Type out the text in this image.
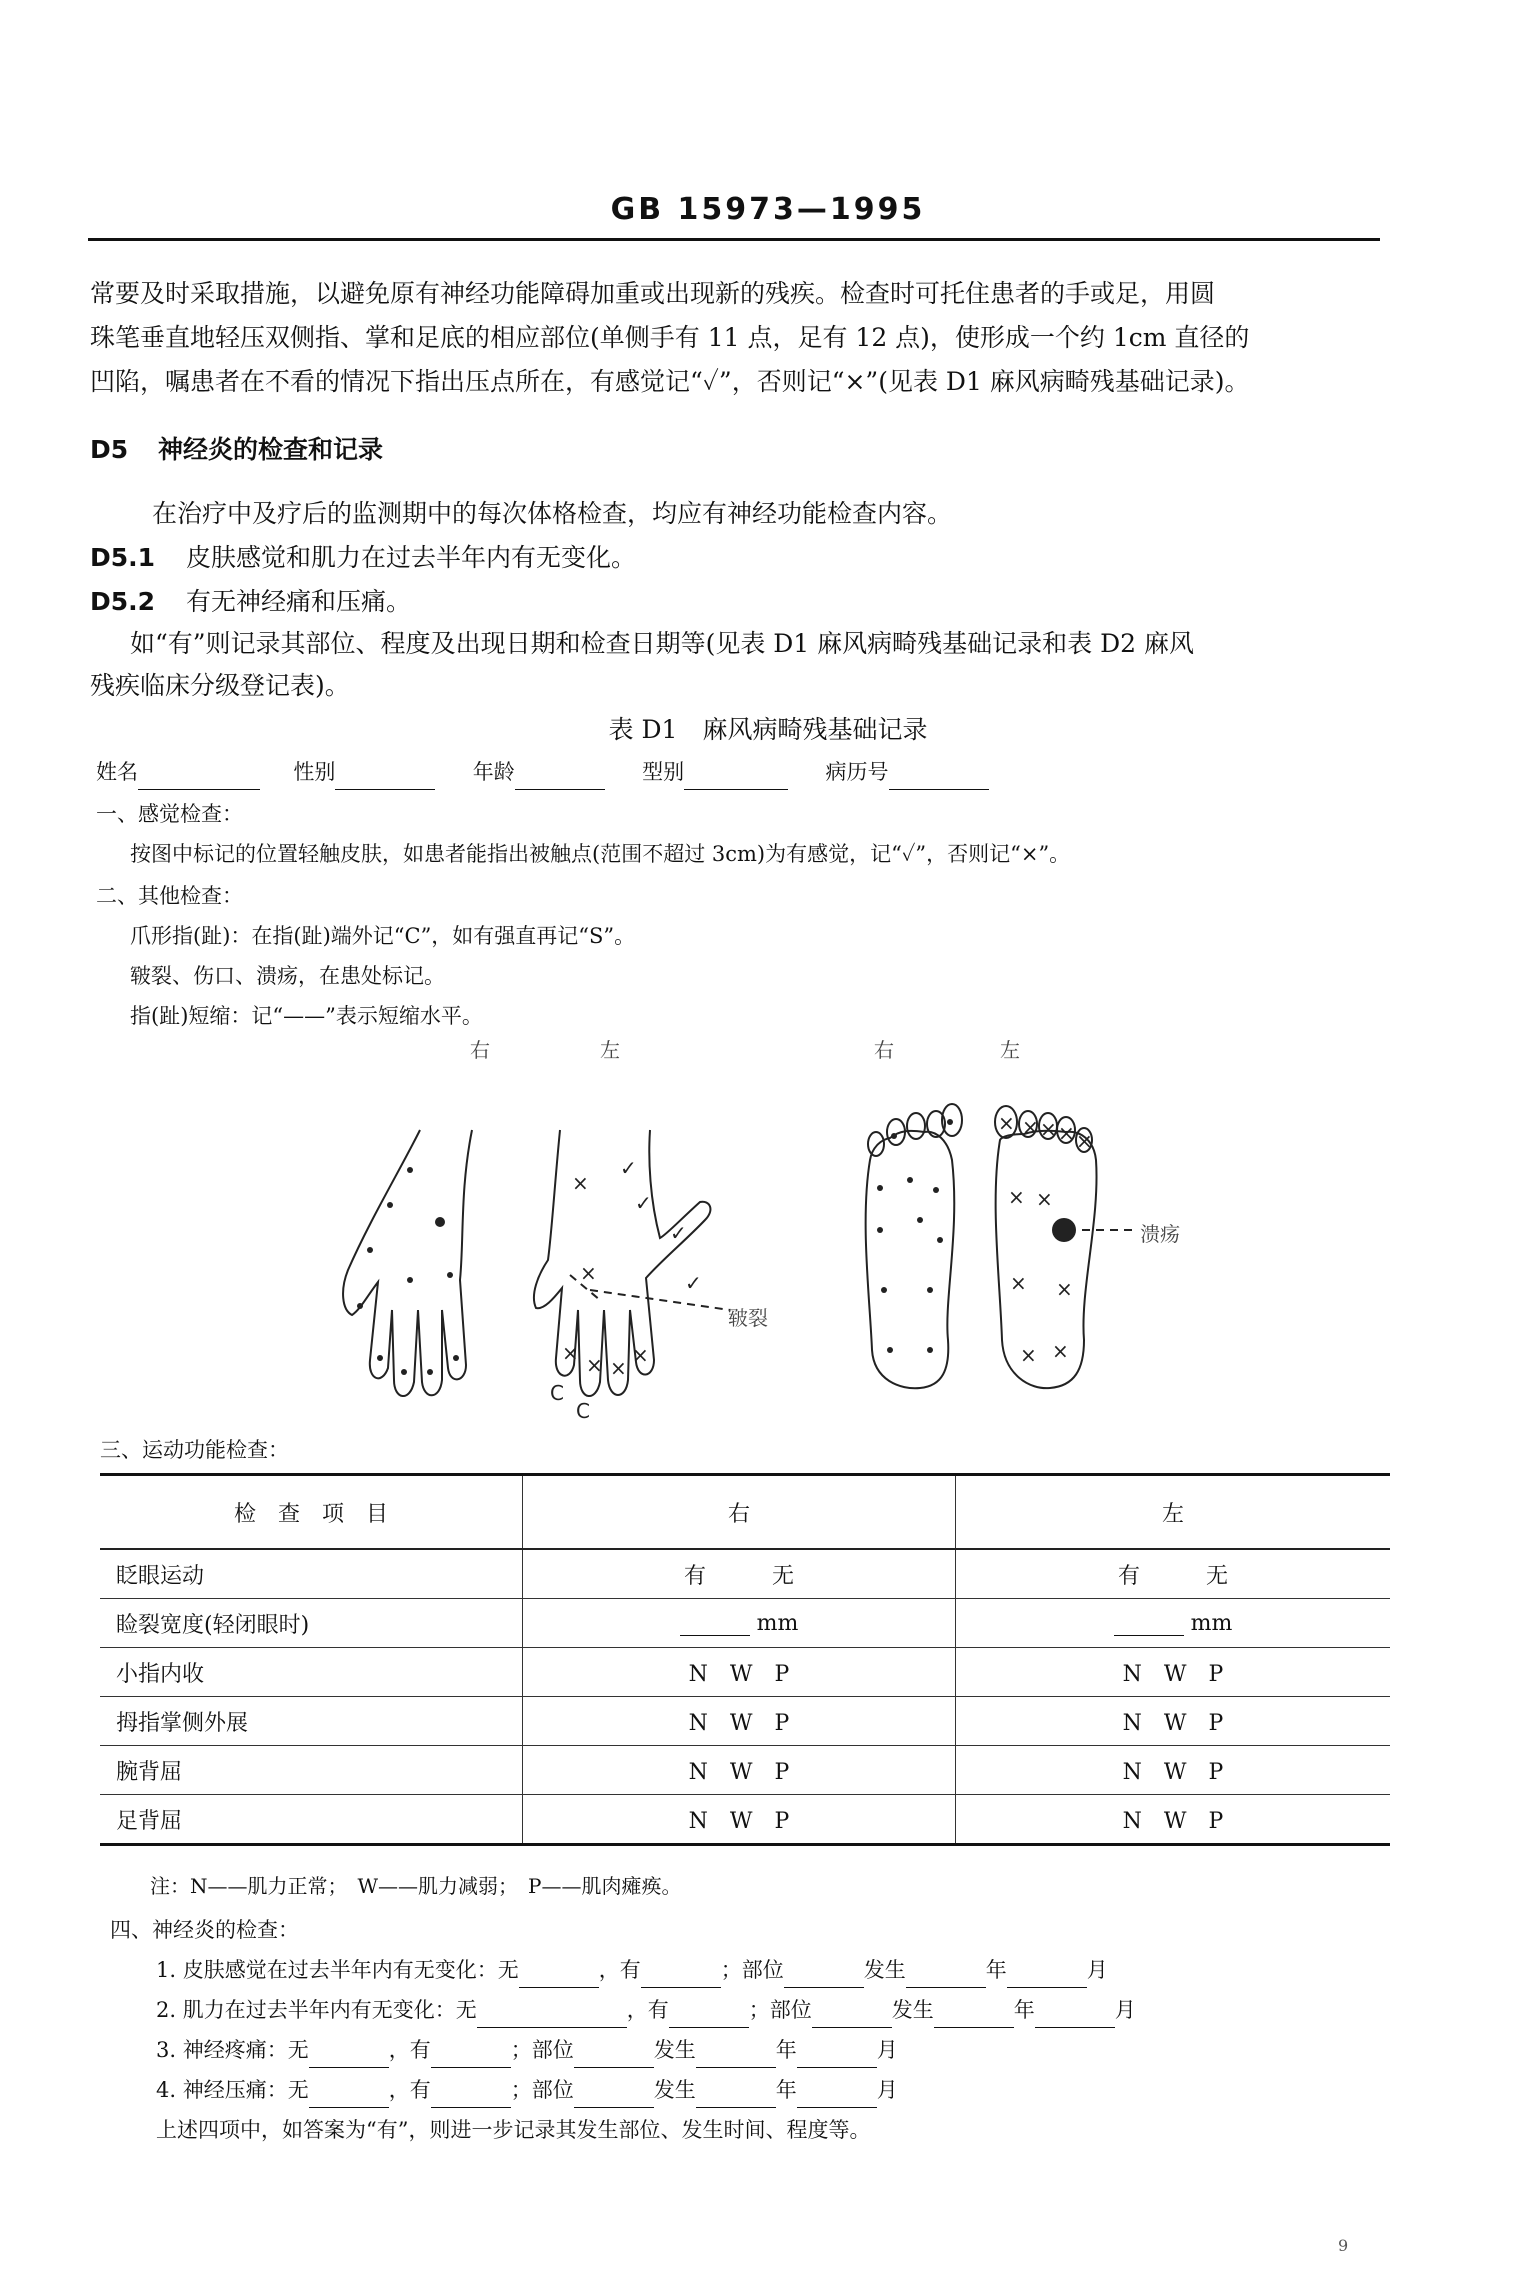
GB 15973—1995
常要及时采取措施，以避免原有神经功能障碍加重或出现新的残疾。检查时可托住患者的手或足，用圆
珠笔垂直地轻压双侧指、掌和足底的相应部位(单侧手有 11 点，足有 12 点)，使形成一个约 1cm 直径的
凹陷，嘱患者在不看的情况下指出压点所在，有感觉记“✓”，否则记“×”(见表 D1 麻风病畸残基础记录)。
D5 神经炎的检查和记录
在治疗中及疗后的监测期中的每次体格检查，均应有神经功能检查内容。
D5.1 皮肤感觉和肌力在过去半年内有无变化。
D5.2 有无神经痛和压痛。
如“有”则记录其部位、程度及出现日期和检查日期等(见表 D1 麻风病畸残基础记录和表 D2 麻风
残疾临床分级登记表)。
表 D1　麻风病畸残基础记录
姓名	性别	年龄	型别	病历号
一、感觉检查：
按图中标记的位置轻触皮肤，如患者能指出被触点(范围不超过 3cm)为有感觉，记“✓”，否则记“×”。
二、其他检查：
爪形指(趾)：在指(趾)端外记“C”，如有强直再记“S”。
皲裂、伤口、溃疡，在患处标记。
指(趾)短缩：记“——”表示短缩水平。
右	左	右	左
×
✓
✓
✓
✓
×
× × ×
×
C
C
皲裂
× × × × ×
× ×
× ×
× ×
溃疡
三、运动功能检查：
检　查　项　目	右	左
眨眼运动	有　　　无	有　　　无
睑裂宽度(轻闭眼时)	mm	mm
小指内收	N　W　P	N　W　P
拇指掌侧外展	N　W　P	N　W　P
腕背屈	N　W　P	N　W　P
足背屈	N　W　P	N　W　P
注：N——肌力正常；　W——肌力减弱；　P——肌肉瘫痪。
四、神经炎的检查：
1. 皮肤感觉在过去半年内有无变化：无	，有	；部位	发生	年	月
2. 肌力在过去半年内有无变化：无	，有	；部位	发生	年	月
3. 神经疼痛：无	，有	；部位	发生	年	月
4. 神经压痛：无	，有	；部位	发生	年	月
上述四项中，如答案为“有”，则进一步记录其发生部位、发生时间、程度等。
9
